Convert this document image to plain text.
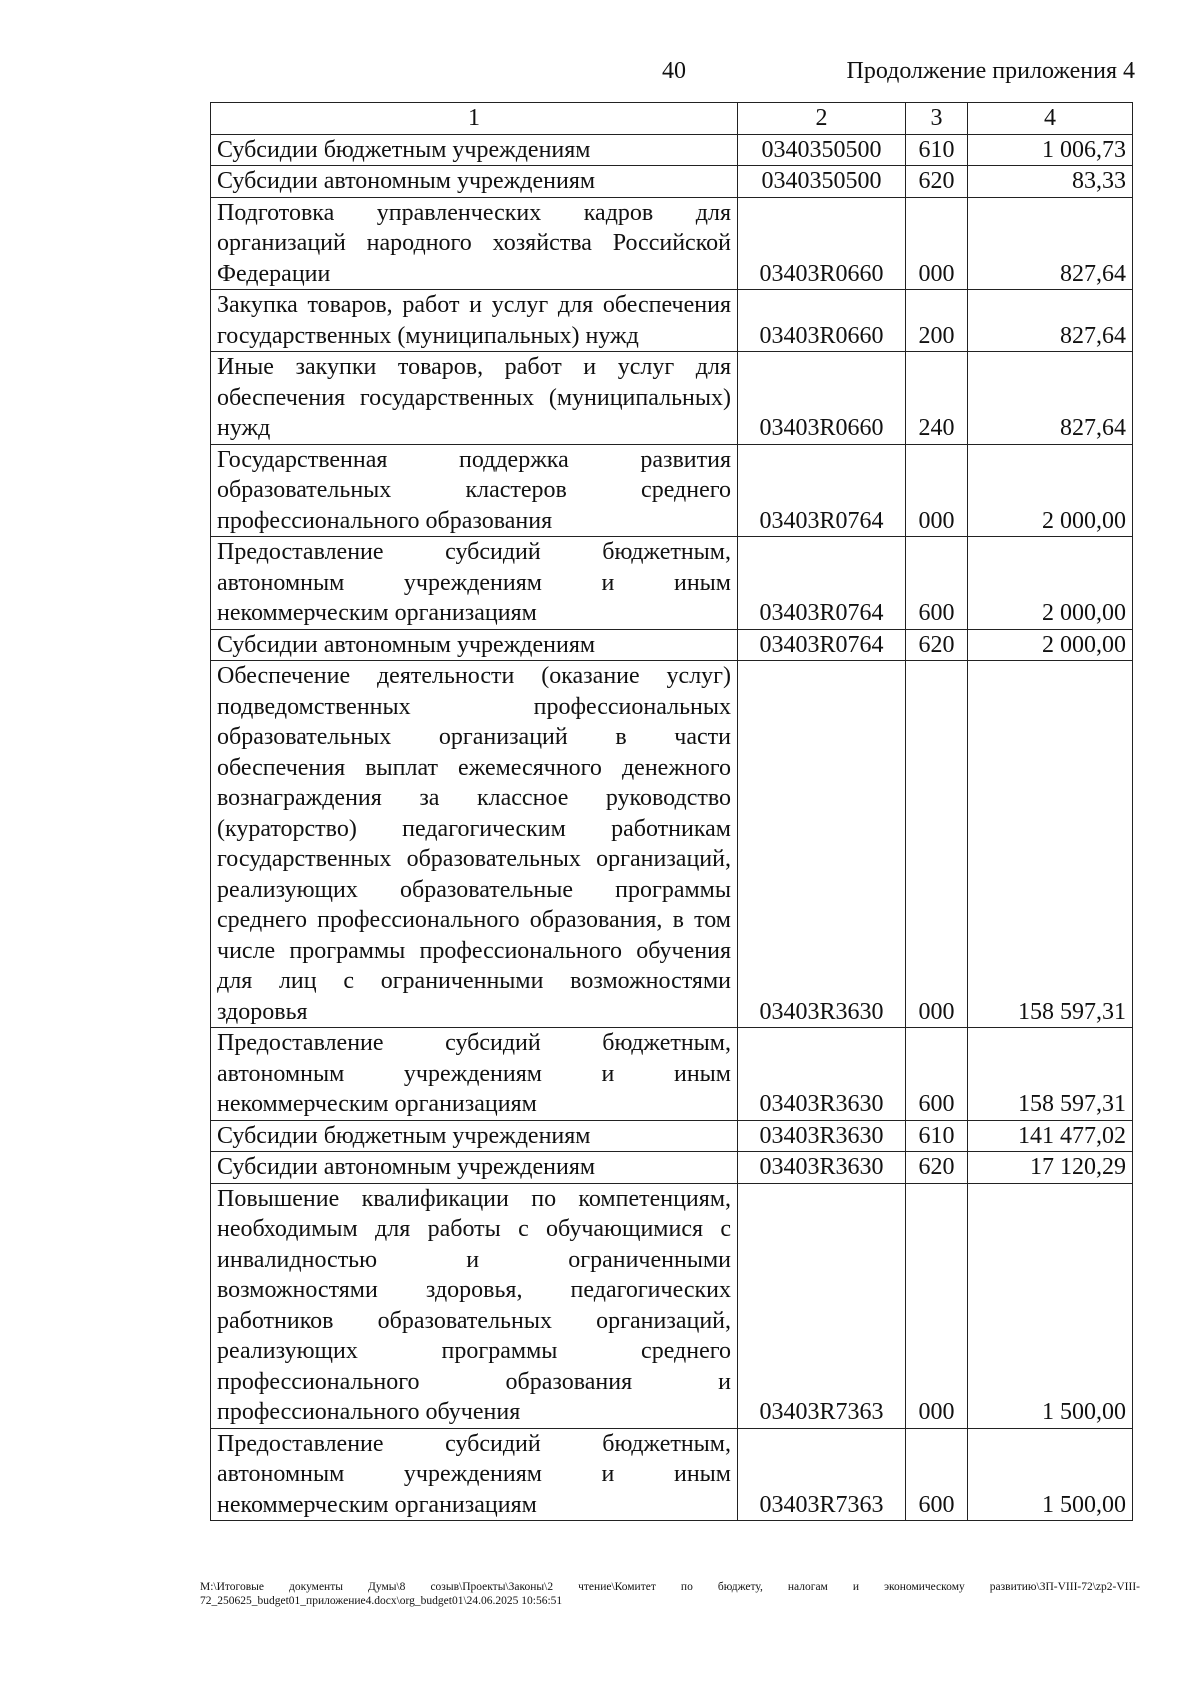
40	Продолжение приложения 4
1	2	3	4
Субсидии бюджетным учреждениям	0340350500	610	1 006,73
Субсидии автономным учреждениям	0340350500	620	83,33
Подготовка управленческих кадров для организаций народного хозяйства Российской Федерации	03403R0660	000	827,64
Закупка товаров, работ и услуг для обеспечения государственных (муниципальных) нужд	03403R0660	200	827,64
Иные закупки товаров, работ и услуг для обеспечения государственных (муниципальных) нужд	03403R0660	240	827,64
Государственная поддержка развития образовательных кластеров среднего профессионального образования	03403R0764	000	2 000,00
Предоставление субсидий бюджетным, автономным учреждениям и иным некоммерческим организациям	03403R0764	600	2 000,00
Субсидии автономным учреждениям	03403R0764	620	2 000,00
Обеспечение деятельности (оказание услуг) подведомственных профессиональных образовательных организаций в части обеспечения выплат ежемесячного денежного вознаграждения за классное руководство (кураторство) педагогическим работникам государственных образовательных организаций, реализующих образовательные программы среднего профессионального образования, в том числе программы профессионального обучения для лиц с ограниченными возможностями здоровья	03403R3630	000	158 597,31
Предоставление субсидий бюджетным, автономным учреждениям и иным некоммерческим организациям	03403R3630	600	158 597,31
Субсидии бюджетным учреждениям	03403R3630	610	141 477,02
Субсидии автономным учреждениям	03403R3630	620	17 120,29
Повышение квалификации по компетенциям, необходимым для работы с обучающимися с инвалидностью и ограниченными возможностями здоровья, педагогических работников образовательных организаций, реализующих программы среднего профессионального образования и профессионального обучения	03403R7363	000	1 500,00
Предоставление субсидий бюджетным, автономным учреждениям и иным некоммерческим организациям	03403R7363	600	1 500,00
M:\Итоговые документы Думы\8 созыв\Проекты\Законы\2 чтение\Комитет по бюджету, налогам и экономическому развитию\ЗП-VIII-72\zp2-VIII-72_250625_budget01_приложение4.docx\org_budget01\24.06.2025 10:56:51
